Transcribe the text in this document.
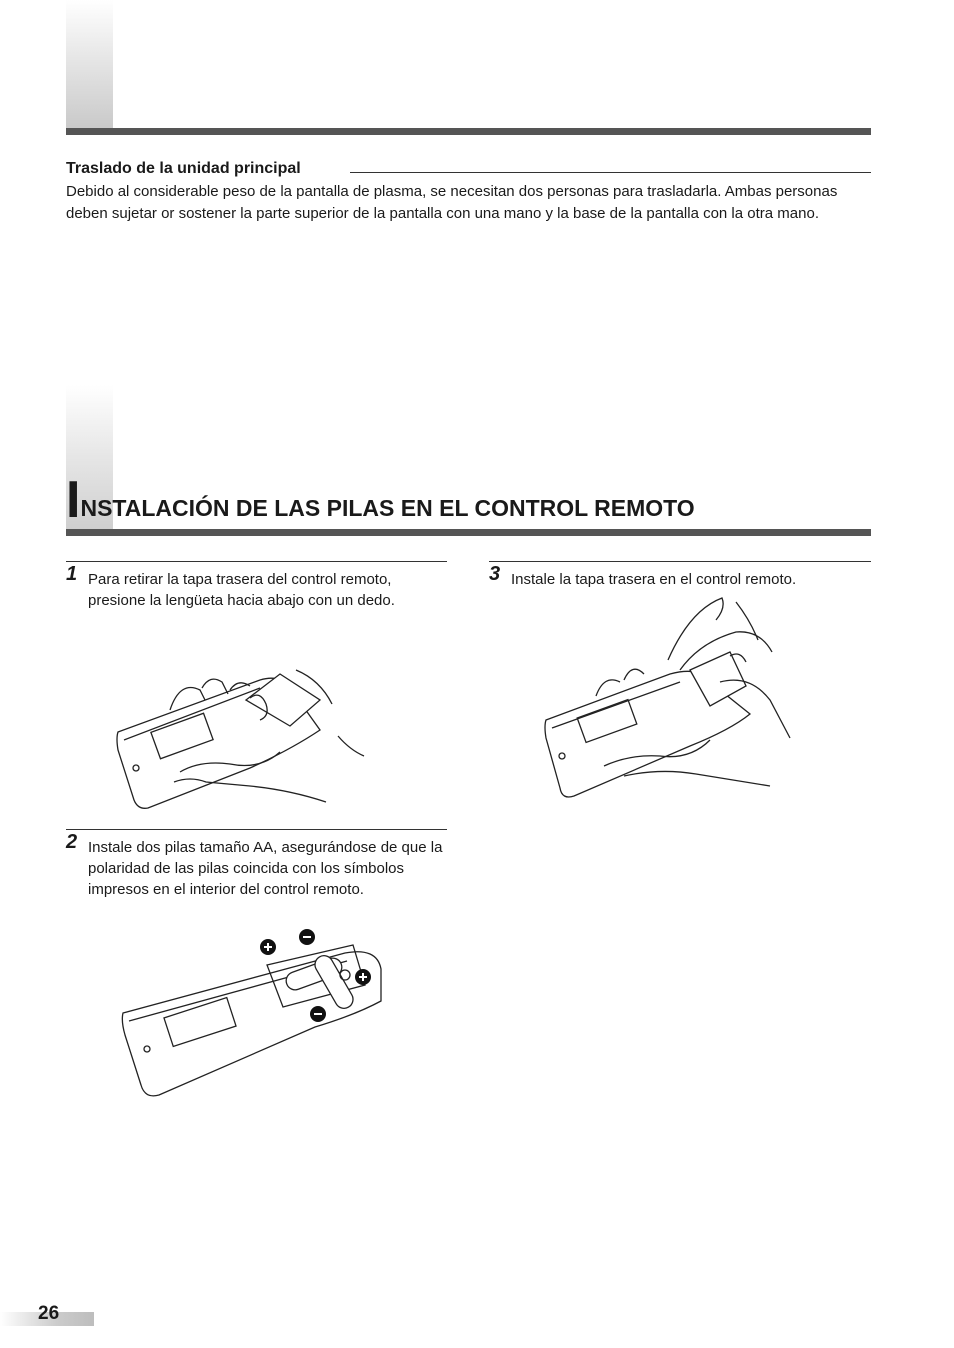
Traslado de la unidad principal

Debido al considerable peso de la pantalla de plasma, se necesitan dos personas para trasladarla. Ambas personas deben sujetar or sostener la parte superior de la pantalla con una mano y la base de la pantalla con la otra mano.

INSTALACIÓN DE LAS PILAS EN EL CONTROL REMOTO
1 Para retirar la tapa trasera del control remoto, presione la lengüeta hacia abajo con un dedo.
2 Instale dos pilas tamaño AA, asegurándose de que la polaridad de las pilas coincida con los símbolos impresos en el interior del control remoto.
3 Instale la tapa trasera en el control remoto.
26
